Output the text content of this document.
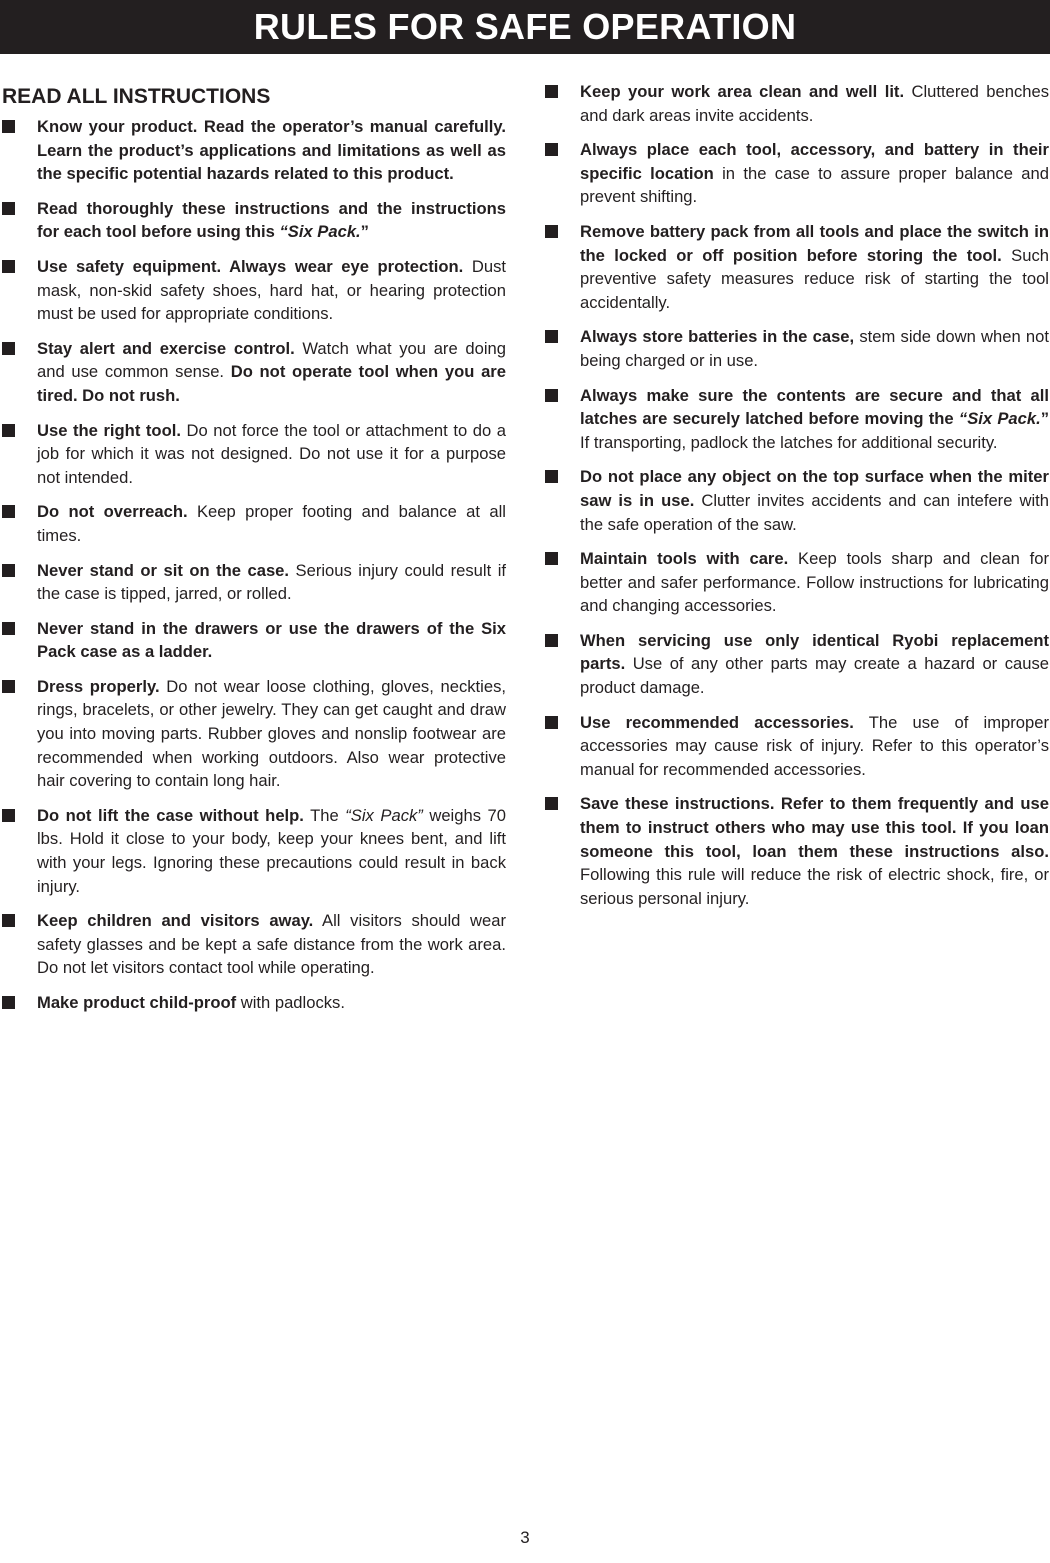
RULES FOR SAFE OPERATION
READ ALL INSTRUCTIONS
Know your product. Read the operator’s manual carefully. Learn the product’s applications and limitations as well as the specific potential hazards related to this product.
Read thoroughly these instructions and the instructions for each tool before using this “Six Pack.”
Use safety equipment. Always wear eye protection. Dust mask, non-skid safety shoes, hard hat, or hearing protection must be used for appropriate conditions.
Stay alert and exercise control. Watch what you are doing and use common sense. Do not operate tool when you are tired. Do not rush.
Use the right tool. Do not force the tool or attachment to do a job for which it was not designed. Do not use it for a purpose not intended.
Do not overreach. Keep proper footing and balance at all times.
Never stand or sit on the case. Serious injury could result if the case is tipped, jarred, or rolled.
Never stand in the drawers or use the drawers of the Six Pack case as a ladder.
Dress properly. Do not wear loose clothing, gloves, neckties, rings, bracelets, or other jewelry. They can get caught and draw you into moving parts. Rubber gloves and nonslip footwear are recommended when working outdoors. Also wear protective hair covering to contain long hair.
Do not lift the case without help. The “Six Pack” weighs 70 lbs. Hold it close to your body, keep your knees bent, and lift with your legs. Ignoring these precautions could result in back injury.
Keep children and visitors away. All visitors should wear safety glasses and be kept a safe distance from the work area. Do not let visitors contact tool while operating.
Make product child-proof with padlocks.
Keep your work area clean and well lit. Cluttered benches and dark areas invite accidents.
Always place each tool, accessory, and battery in their specific location in the case to assure proper balance and prevent shifting.
Remove battery pack from all tools and place the switch in the locked or off position before storing the tool. Such preventive safety measures reduce risk of starting the tool accidentally.
Always store batteries in the case, stem side down when not being charged or in use.
Always make sure the contents are secure and that all latches are securely latched before moving the “Six Pack.” If transporting, padlock the latches for additional security.
Do not place any object on the top surface when the miter saw is in use. Clutter invites accidents and can intefere with the safe operation of the saw.
Maintain tools with care. Keep tools sharp and clean for better and safer performance. Follow instructions for lubricating and changing accessories.
When servicing use only identical Ryobi replacement parts. Use of any other parts may create a hazard or cause product damage.
Use recommended accessories. The use of improper accessories may cause risk of injury. Refer to this operator’s manual for recommended accessories.
Save these instructions. Refer to them frequently and use them to instruct others who may use this tool. If you loan someone this tool, loan them these instructions also. Following this rule will reduce the risk of electric shock, fire, or serious personal injury.
3
